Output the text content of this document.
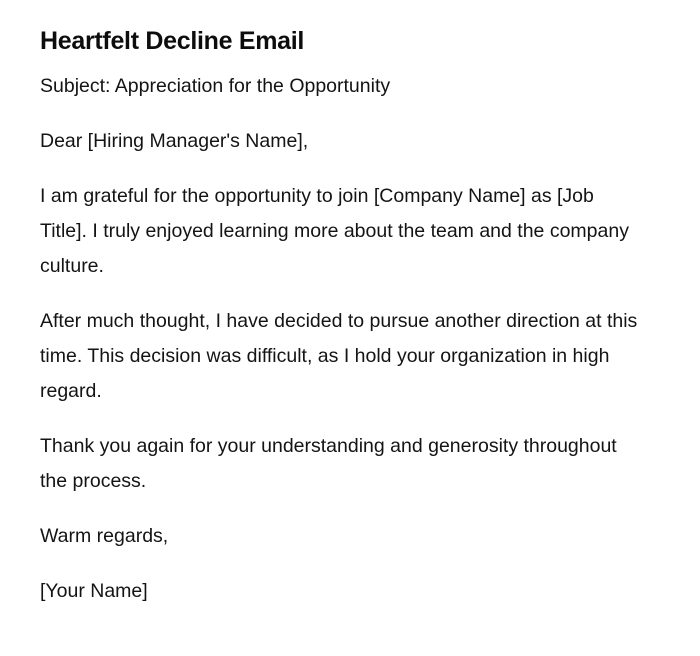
Heartfelt Decline Email

Subject: Appreciation for the Opportunity

Dear [Hiring Manager's Name],

I am grateful for the opportunity to join [Company Name] as [Job Title]. I truly enjoyed learning more about the team and the company culture.

After much thought, I have decided to pursue another direction at this time. This decision was difficult, as I hold your organization in high regard.

Thank you again for your understanding and generosity throughout the process.

Warm regards,

[Your Name]
